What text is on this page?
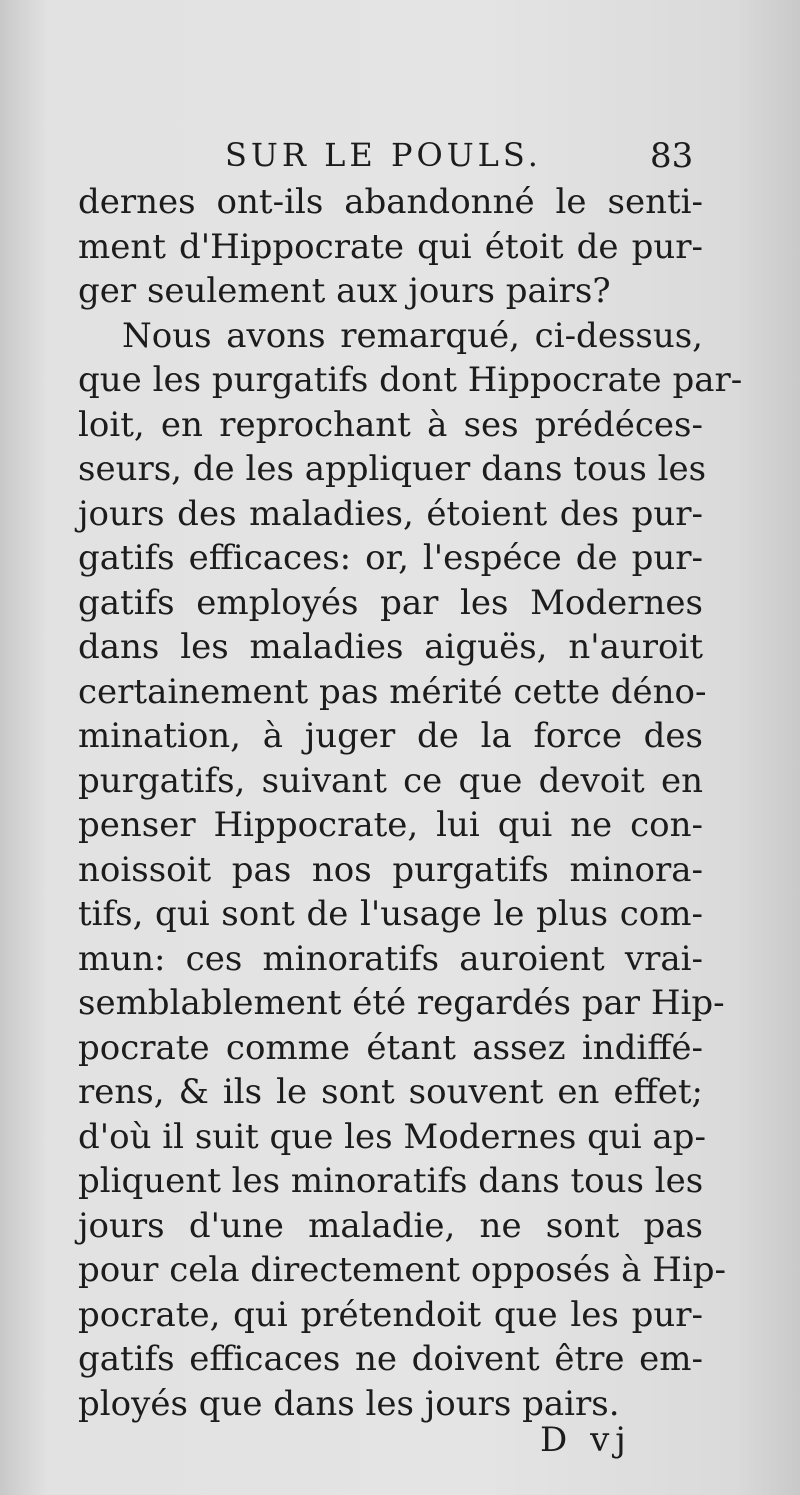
SUR LE POULS.	83
dernes ont-ils abandonné le senti-
ment d'Hippocrate qui étoit de pur-
ger seulement aux jours pairs?
Nous avons remarqué, ci-dessus,
que les purgatifs dont Hippocrate par-
loit, en reprochant à ses prédéces-
seurs, de les appliquer dans tous les
jours des maladies, étoient des pur-
gatifs efficaces: or, l'espéce de pur-
gatifs employés par les Modernes
dans les maladies aiguës, n'auroit
certainement pas mérité cette déno-
mination, à juger de la force des
purgatifs, suivant ce que devoit en
penser Hippocrate, lui qui ne con-
noissoit pas nos purgatifs minora-
tifs, qui sont de l'usage le plus com-
mun: ces minoratifs auroient vrai-
semblablement été regardés par Hip-
pocrate comme étant assez indiffé-
rens, & ils le sont souvent en effet;
d'où il suit que les Modernes qui ap-
pliquent les minoratifs dans tous les
jours d'une maladie, ne sont pas
pour cela directement opposés à Hip-
pocrate, qui prétendoit que les pur-
gatifs efficaces ne doivent être em-
ployés que dans les jours pairs.
D vj
